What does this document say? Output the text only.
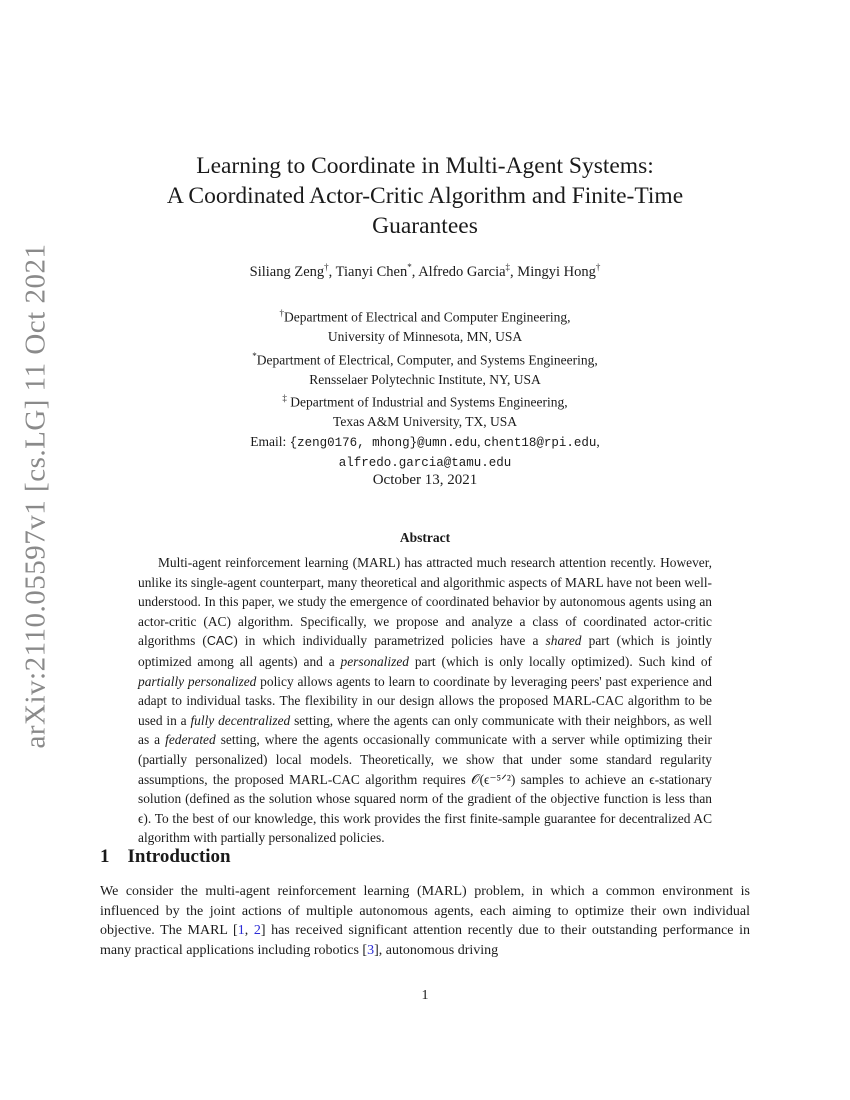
arXiv:2110.05597v1 [cs.LG] 11 Oct 2021
Learning to Coordinate in Multi-Agent Systems:
A Coordinated Actor-Critic Algorithm and Finite-Time
Guarantees
Siliang Zeng†, Tianyi Chen*, Alfredo Garcia‡, Mingyi Hong†
†Department of Electrical and Computer Engineering,
University of Minnesota, MN, USA
*Department of Electrical, Computer, and Systems Engineering,
Rensselaer Polytechnic Institute, NY, USA
‡ Department of Industrial and Systems Engineering,
Texas A&M University, TX, USA
Email: {zeng0176, mhong}@umn.edu, chent18@rpi.edu,
alfredo.garcia@tamu.edu
October 13, 2021
Abstract
Multi-agent reinforcement learning (MARL) has attracted much research attention recently. However, unlike its single-agent counterpart, many theoretical and algorithmic aspects of MARL have not been well-understood. In this paper, we study the emergence of coordinated behavior by autonomous agents using an actor-critic (AC) algorithm. Specifically, we propose and analyze a class of coordinated actor-critic algorithms (CAC) in which individually parametrized policies have a shared part (which is jointly optimized among all agents) and a personalized part (which is only locally optimized). Such kind of partially personalized policy allows agents to learn to coordinate by leveraging peers' past experience and adapt to individual tasks. The flexibility in our design allows the proposed MARL-CAC algorithm to be used in a fully decentralized setting, where the agents can only communicate with their neighbors, as well as a federated setting, where the agents occasionally communicate with a server while optimizing their (partially personalized) local models. Theoretically, we show that under some standard regularity assumptions, the proposed MARL-CAC algorithm requires 𝒪(ϵ⁻⁵ᐟ²) samples to achieve an ϵ-stationary solution (defined as the solution whose squared norm of the gradient of the objective function is less than ϵ). To the best of our knowledge, this work provides the first finite-sample guarantee for decentralized AC algorithm with partially personalized policies.
1 Introduction
We consider the multi-agent reinforcement learning (MARL) problem, in which a common environment is influenced by the joint actions of multiple autonomous agents, each aiming to optimize their own individual objective. The MARL [1, 2] has received significant attention recently due to their outstanding performance in many practical applications including robotics [3], autonomous driving
1
